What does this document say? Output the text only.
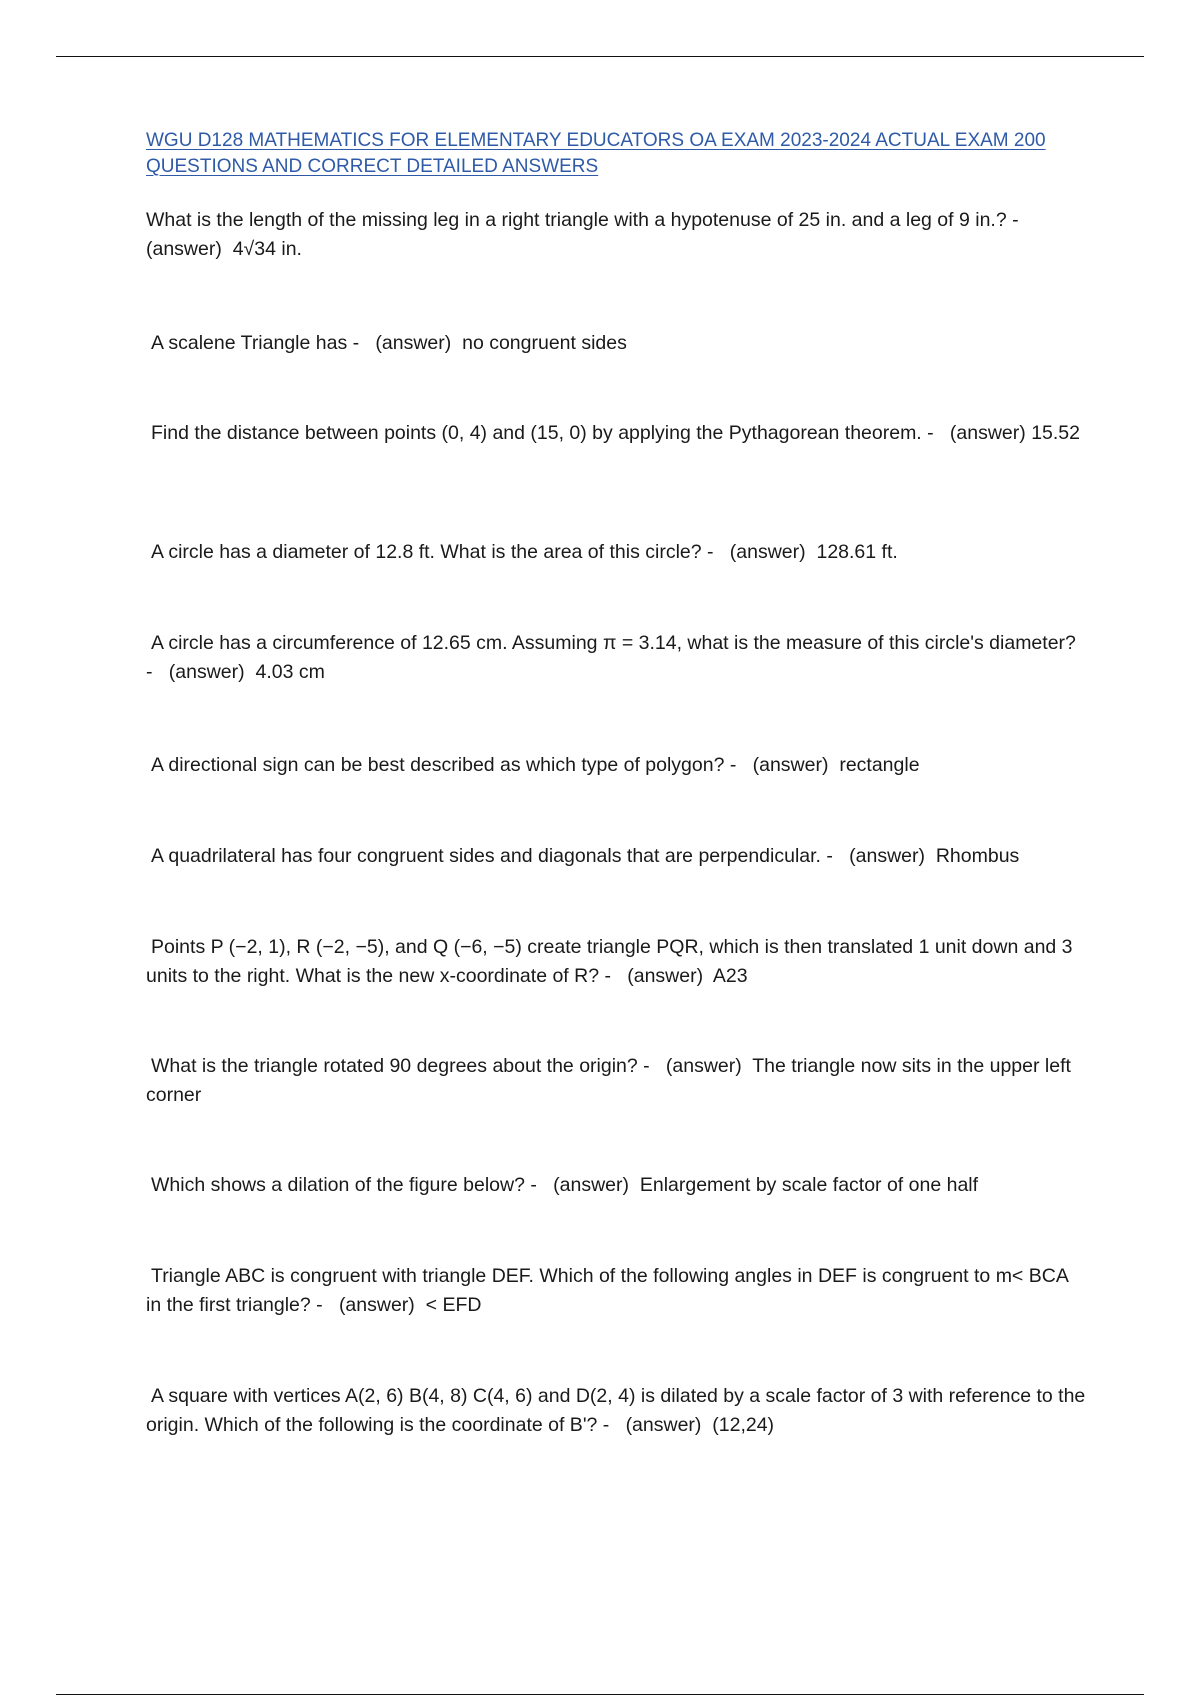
WGU D128 MATHEMATICS FOR ELEMENTARY EDUCATORS OA EXAM 2023-2024 ACTUAL EXAM 200 QUESTIONS AND CORRECT DETAILED ANSWERS

What is the length of the missing leg in a right triangle with a hypotenuse of 25 in. and a leg of 9 in.? - (answer) 4√34 in.

A scalene Triangle has - (answer) no congruent sides

Find the distance between points (0, 4) and (15, 0) by applying the Pythagorean theorem. - (answer) 15.52

A circle has a diameter of 12.8 ft. What is the area of this circle? - (answer) 128.61 ft.

A circle has a circumference of 12.65 cm. Assuming π = 3.14, what is the measure of this circle's diameter? - (answer) 4.03 cm

A directional sign can be best described as which type of polygon? - (answer) rectangle

A quadrilateral has four congruent sides and diagonals that are perpendicular. - (answer) Rhombus

Points P (−2, 1), R (−2, −5), and Q (−6, −5) create triangle PQR, which is then translated 1 unit down and 3 units to the right. What is the new x-coordinate of R? - (answer) A23

What is the triangle rotated 90 degrees about the origin? - (answer) The triangle now sits in the upper left corner

Which shows a dilation of the figure below? - (answer) Enlargement by scale factor of one half

Triangle ABC is congruent with triangle DEF. Which of the following angles in DEF is congruent to m< BCA in the first triangle? - (answer) < EFD

A square with vertices A(2, 6) B(4, 8) C(4, 6) and D(2, 4) is dilated by a scale factor of 3 with reference to the origin. Which of the following is the coordinate of B'? - (answer) (12,24)
